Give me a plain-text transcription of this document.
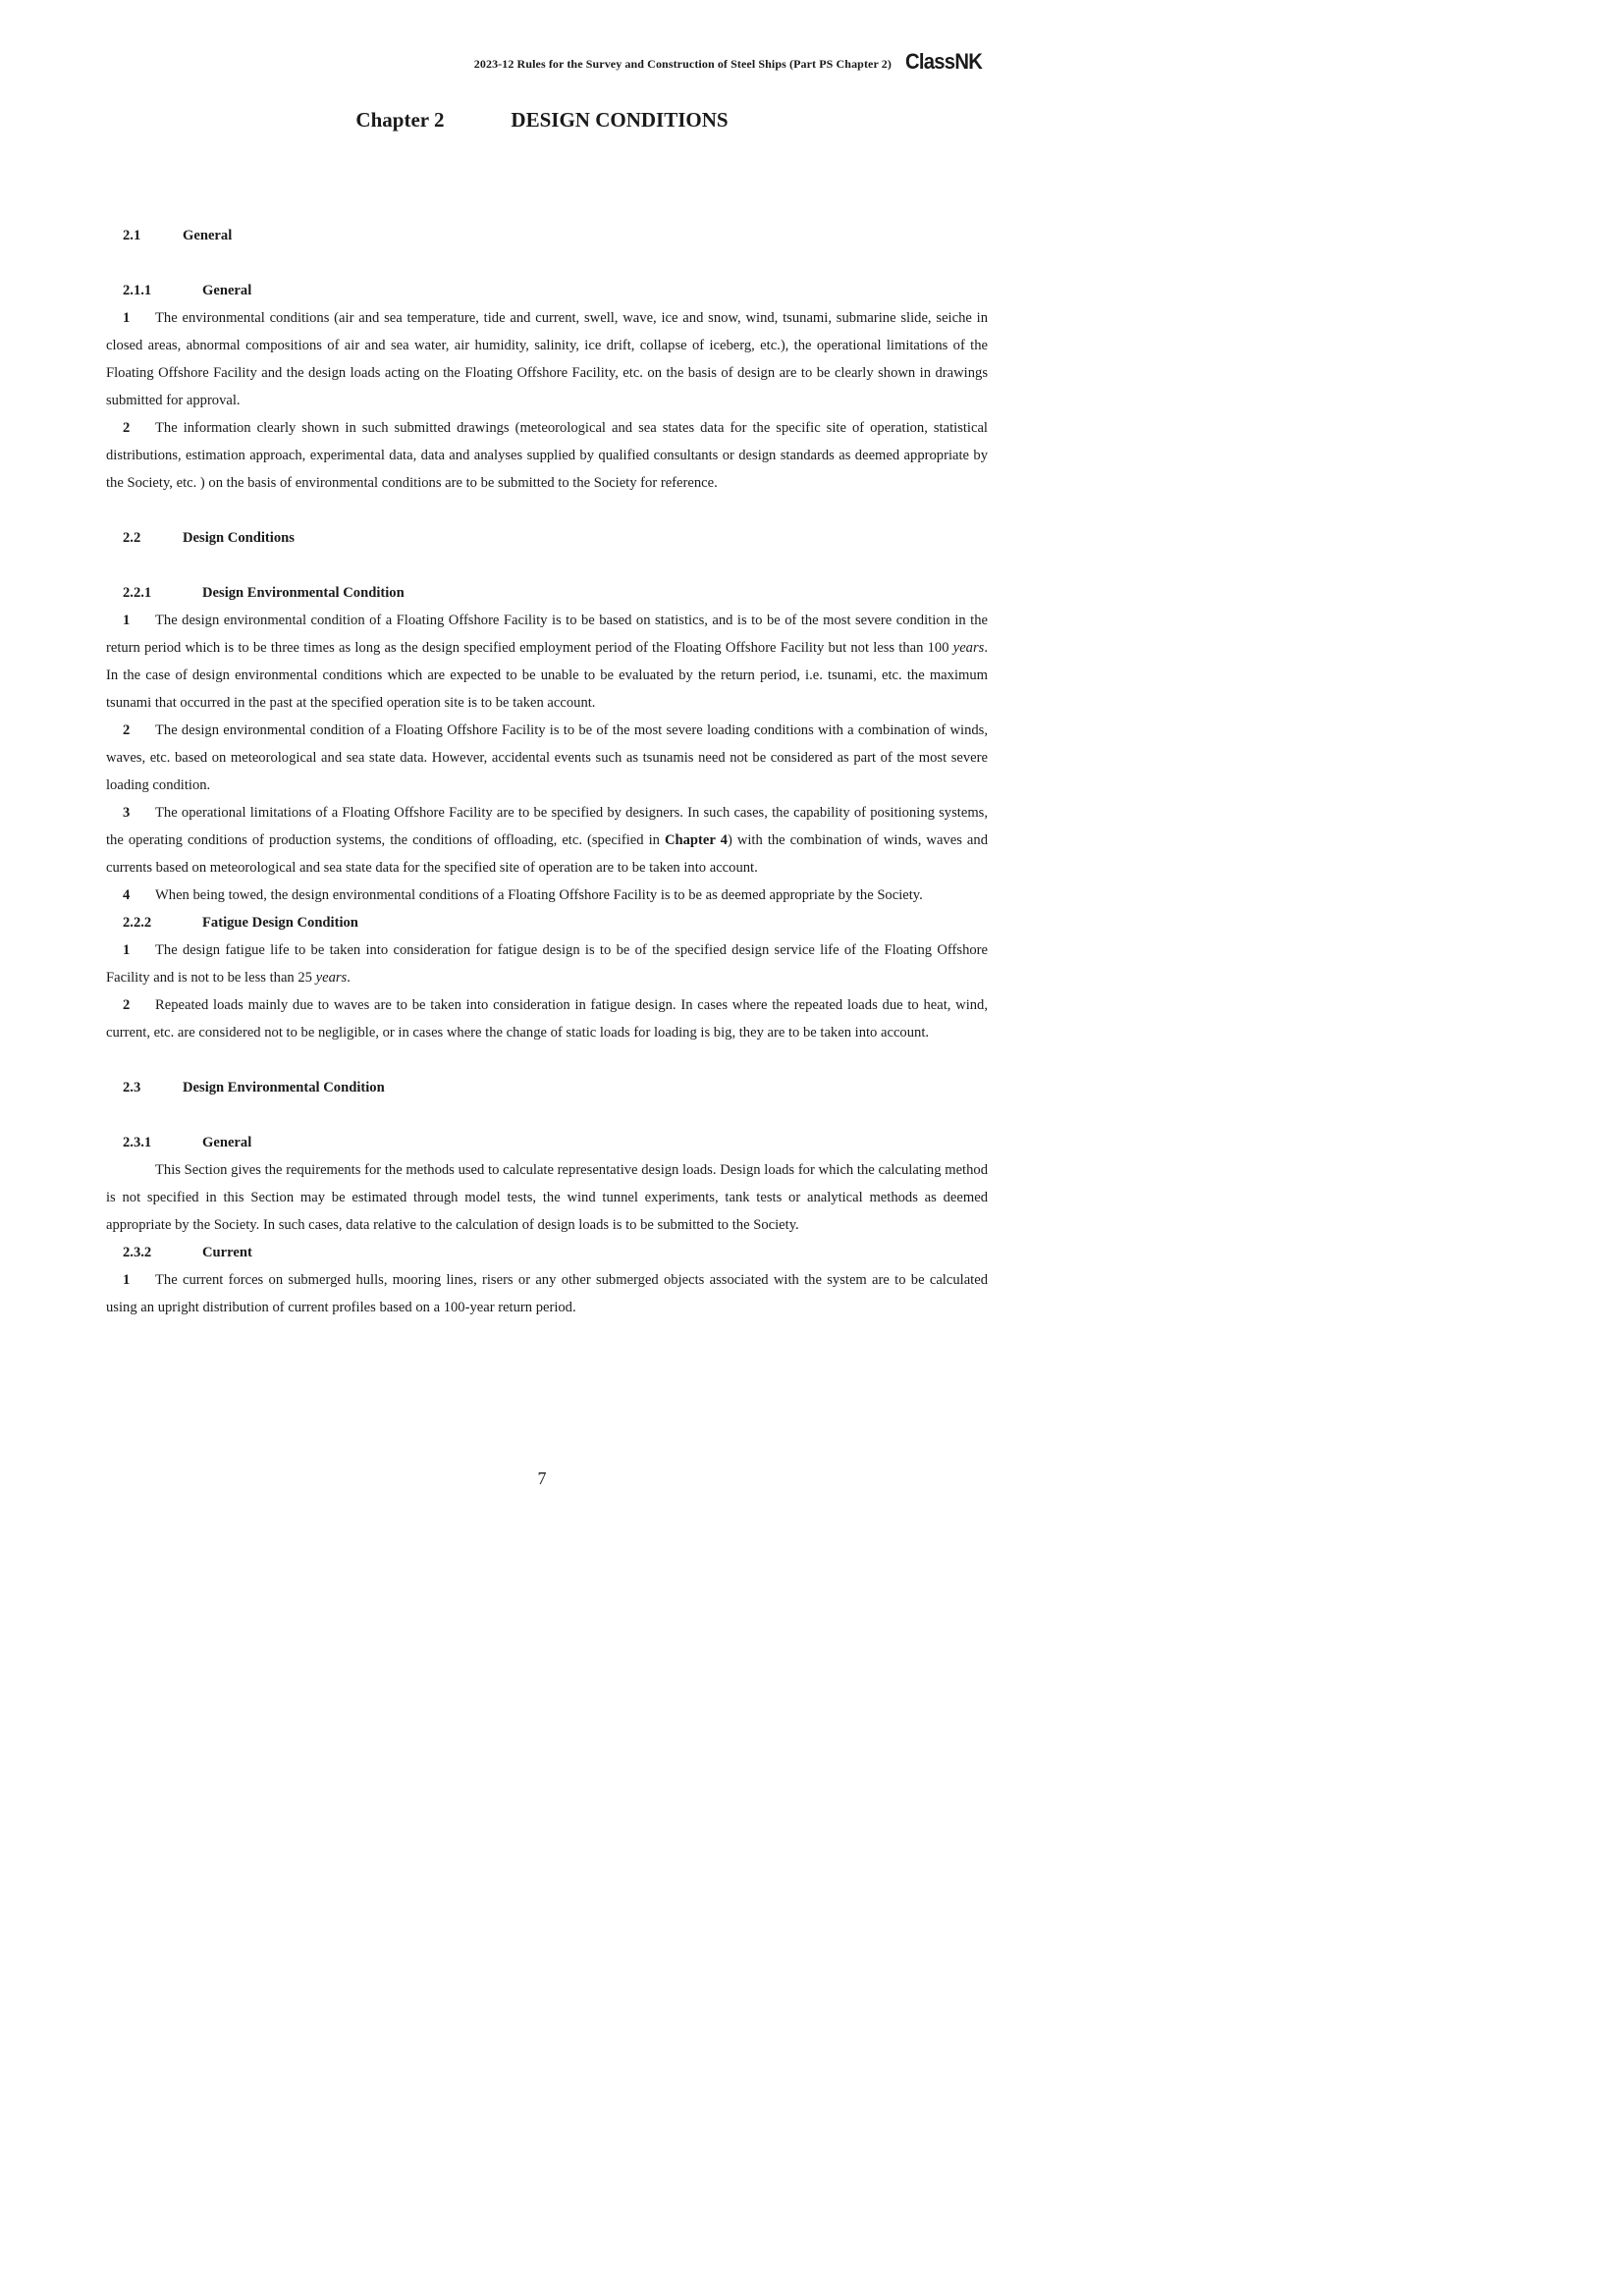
2023-12 Rules for the Survey and Construction of Steel Ships (Part PS Chapter 2) ClassNK
Chapter 2	DESIGN CONDITIONS
2.1	General
2.1.1	General

1 The environmental conditions (air and sea temperature, tide and current, swell, wave, ice and snow, wind, tsunami, submarine slide, seiche in closed areas, abnormal compositions of air and sea water, air humidity, salinity, ice drift, collapse of iceberg, etc.), the operational limitations of the Floating Offshore Facility and the design loads acting on the Floating Offshore Facility, etc. on the basis of design are to be clearly shown in drawings submitted for approval.

2 The information clearly shown in such submitted drawings (meteorological and sea states data for the specific site of operation, statistical distributions, estimation approach, experimental data, data and analyses supplied by qualified consultants or design standards as deemed appropriate by the Society, etc. ) on the basis of environmental conditions are to be submitted to the Society for reference.

2.2	Design Conditions
2.2.1	Design Environmental Condition

1 The design environmental condition of a Floating Offshore Facility is to be based on statistics, and is to be of the most severe condition in the return period which is to be three times as long as the design specified employment period of the Floating Offshore Facility but not less than 100 years. In the case of design environmental conditions which are expected to be unable to be evaluated by the return period, i.e. tsunami, etc. the maximum tsunami that occurred in the past at the specified operation site is to be taken account.

2 The design environmental condition of a Floating Offshore Facility is to be of the most severe loading conditions with a combination of winds, waves, etc. based on meteorological and sea state data. However, accidental events such as tsunamis need not be considered as part of the most severe loading condition.

3 The operational limitations of a Floating Offshore Facility are to be specified by designers. In such cases, the capability of positioning systems, the operating conditions of production systems, the conditions of offloading, etc. (specified in Chapter 4) with the combination of winds, waves and currents based on meteorological and sea state data for the specified site of operation are to be taken into account.

4 When being towed, the design environmental conditions of a Floating Offshore Facility is to be as deemed appropriate by the Society.

2.2.2	Fatigue Design Condition

1 The design fatigue life to be taken into consideration for fatigue design is to be of the specified design service life of the Floating Offshore Facility and is not to be less than 25 years.

2 Repeated loads mainly due to waves are to be taken into consideration in fatigue design. In cases where the repeated loads due to heat, wind, current, etc. are considered not to be negligible, or in cases where the change of static loads for loading is big, they are to be taken into account.

2.3	Design Environmental Condition
2.3.1	General

This Section gives the requirements for the methods used to calculate representative design loads. Design loads for which the calculating method is not specified in this Section may be estimated through model tests, the wind tunnel experiments, tank tests or analytical methods as deemed appropriate by the Society. In such cases, data relative to the calculation of design loads is to be submitted to the Society.

2.3.2	Current

1 The current forces on submerged hulls, mooring lines, risers or any other submerged objects associated with the system are to be calculated using an upright distribution of current profiles based on a 100-year return period.

7
